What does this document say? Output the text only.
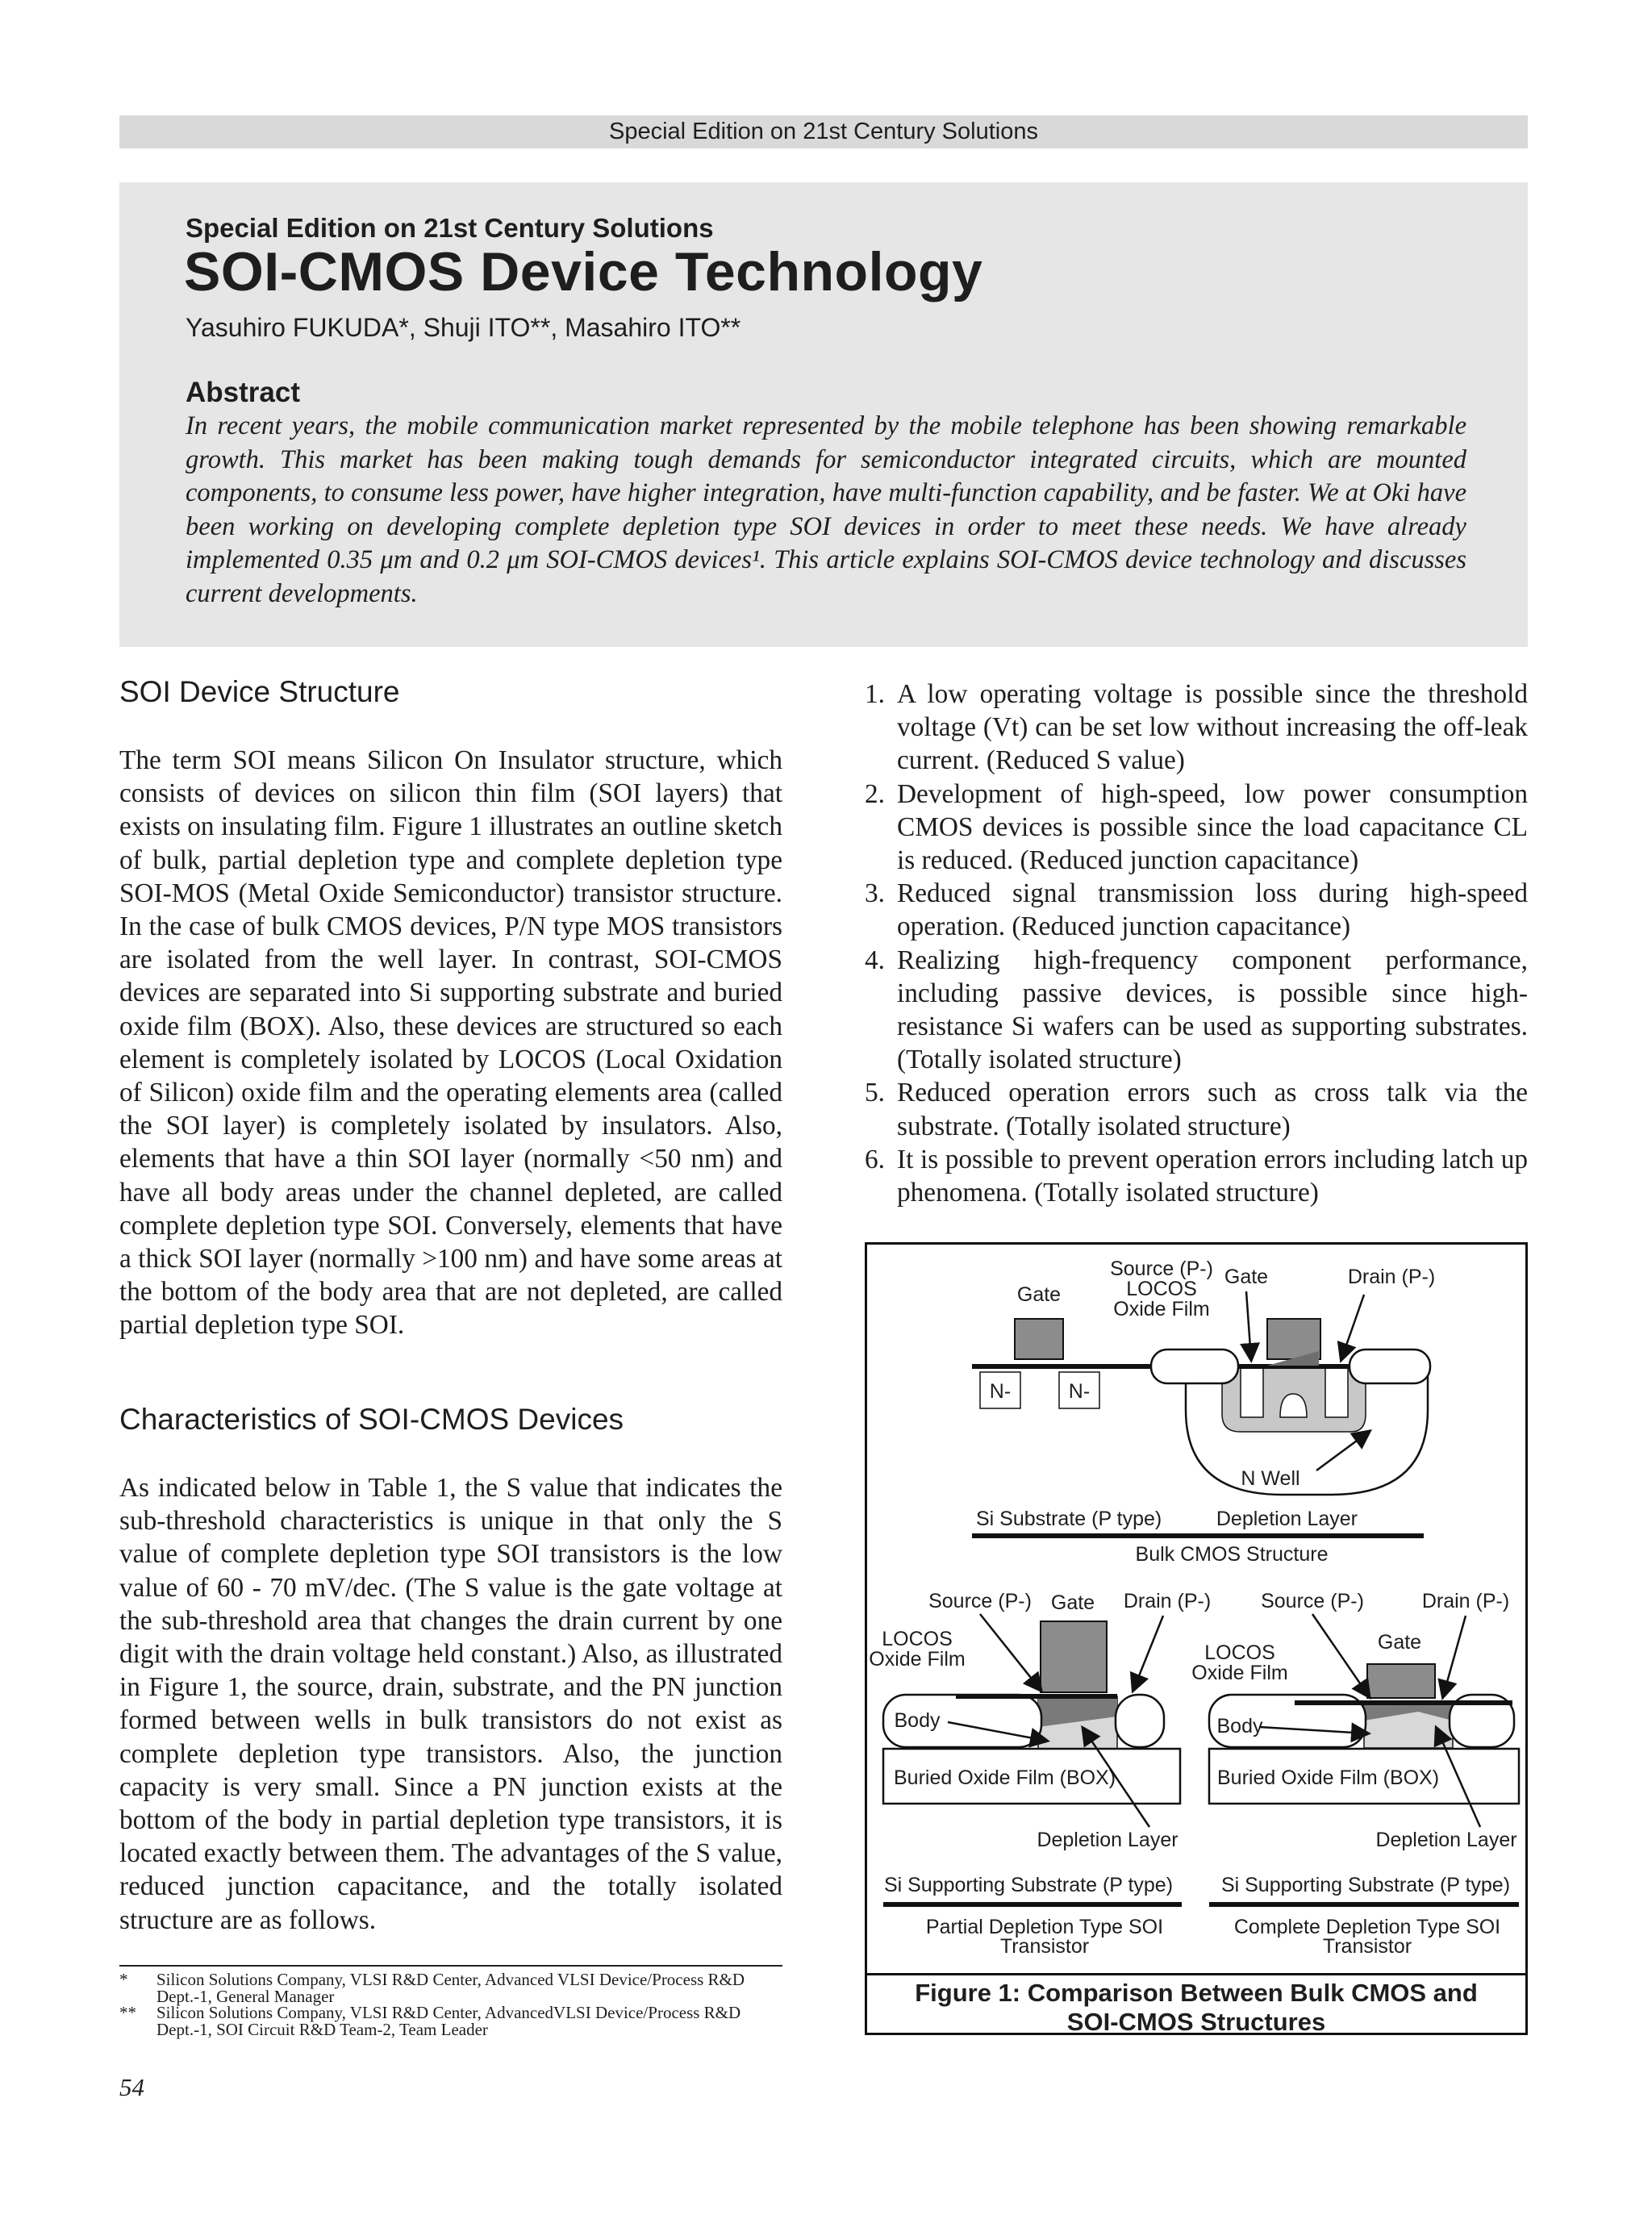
Special Edition on 21st Century Solutions
Special Edition on 21st Century Solutions
SOI-CMOS Device Technology
Yasuhiro FUKUDA*, Shuji ITO**, Masahiro ITO**
Abstract
In recent years, the mobile communication market represented by the mobile telephone has been showing remarkable growth. This market has been making tough demands for semiconductor integrated circuits, which are mounted components, to consume less power, have higher integration, have multi-function capability, and be faster. We at Oki have been working on developing complete depletion type SOI devices in order to meet these needs. We have already implemented 0.35 μm and 0.2 μm SOI-CMOS devices¹. This article explains SOI-CMOS device technology and discusses current developments.
SOI Device Structure

The term SOI means Silicon On Insulator structure, which consists of devices on silicon thin film (SOI layers) that exists on insulating film. Figure 1 illustrates an outline sketch of bulk, partial depletion type and complete depletion type SOI-MOS (Metal Oxide Semiconductor) transistor structure. In the case of bulk CMOS devices, P/N type MOS transistors are isolated from the well layer. In contrast, SOI-CMOS devices are separated into Si supporting substrate and buried oxide film (BOX). Also, these devices are structured so each element is completely isolated by LOCOS (Local Oxidation of Silicon) oxide film and the operating elements area (called the SOI layer) is completely isolated by insulators. Also, elements that have a thin SOI layer (normally <50 nm) and have all body areas under the channel depleted, are called complete depletion type SOI. Conversely, elements that have a thick SOI layer (normally >100 nm) and have some areas at the bottom of the body area that are not depleted, are called partial depletion type SOI.

Characteristics of SOI-CMOS Devices

As indicated below in Table 1, the S value that indicates the sub-threshold characteristics is unique in that only the S value of complete depletion type SOI transistors is the low value of 60 - 70 mV/dec. (The S value is the gate voltage at the sub-threshold area that changes the drain current by one digit with the drain voltage held constant.) Also, as illustrated in Figure 1, the source, drain, substrate, and the PN junction formed between wells in bulk transistors do not exist as complete depletion type transistors. Also, the junction capacity is very small. Since a PN junction exists at the bottom of the body in partial depletion type transistors, it is located exactly between them. The advantages of the S value, reduced junction capacitance, and the totally isolated structure are as follows.

1. A low operating voltage is possible since the threshold voltage (Vt) can be set low without increasing the off-leak current. (Reduced S value)
2. Development of high-speed, low power consumption CMOS devices is possible since the load capacitance CL is reduced. (Reduced junction capacitance)
3. Reduced signal transmission loss during high-speed operation. (Reduced junction capacitance)
4. Realizing high-frequency component performance, including passive devices, is possible since high-resistance Si wafers can be used as supporting substrates. (Totally isolated structure)
5. Reduced operation errors such as cross talk via the substrate. (Totally isolated structure)
6. It is possible to prevent operation errors including latch up phenomena. (Totally isolated structure)
N-	N-
Gate
Source (P-)
LOCOS
Oxide Film
Gate	Drain (P-)
N Well
Si Substrate (P type)	Depletion Layer
Bulk CMOS Structure
Source (P-) Gate Drain (P-)
LOCOS
Oxide Film
Body
Buried Oxide Film (BOX)
Depletion Layer
Si Supporting Substrate (P type)
Partial Depletion Type SOI
Transistor
Source (P-)	Drain (P-)
Gate
LOCOS
Oxide Film
Body
Buried Oxide Film (BOX)
Depletion Layer
Si Supporting Substrate (P type)
Complete Depletion Type SOI
Transistor
Figure 1: Comparison Between Bulk CMOS and
SOI-CMOS Structures
* Silicon Solutions Company, VLSI R&D Center, Advanced VLSI Device/Process R&D Dept.-1, General Manager
** Silicon Solutions Company, VLSI R&D Center, AdvancedVLSI Device/Process R&D Dept.-1, SOI Circuit R&D Team-2, Team Leader
54
